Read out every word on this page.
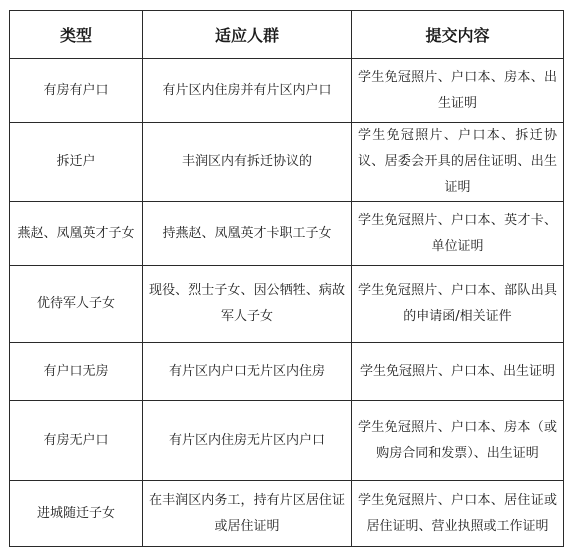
类型	适应人群	提交内容
有房有户口	有片区内住房并有片区内户口	学生免冠照片、户口本、房本、出生证明
拆迁户	丰润区内有拆迁协议的	学生免冠照片、户口本、拆迁协议、居委会开具的居住证明、出生证明
燕赵、凤凰英才子女	持燕赵、凤凰英才卡职工子女	学生免冠照片、户口本、英才卡、单位证明
优待军人子女	现役、烈士子女、因公牺牲、病故军人子女	学生免冠照片、户口本、部队出具的申请函/相关证件
有户口无房	有片区内户口无片区内住房	学生免冠照片、户口本、出生证明
有房无户口	有片区内住房无片区内户口	学生免冠照片、户口本、房本（或购房合同和发票）、出生证明
进城随迁子女	在丰润区内务工，持有片区居住证或居住证明	学生免冠照片、户口本、居住证或居住证明、营业执照或工作证明
